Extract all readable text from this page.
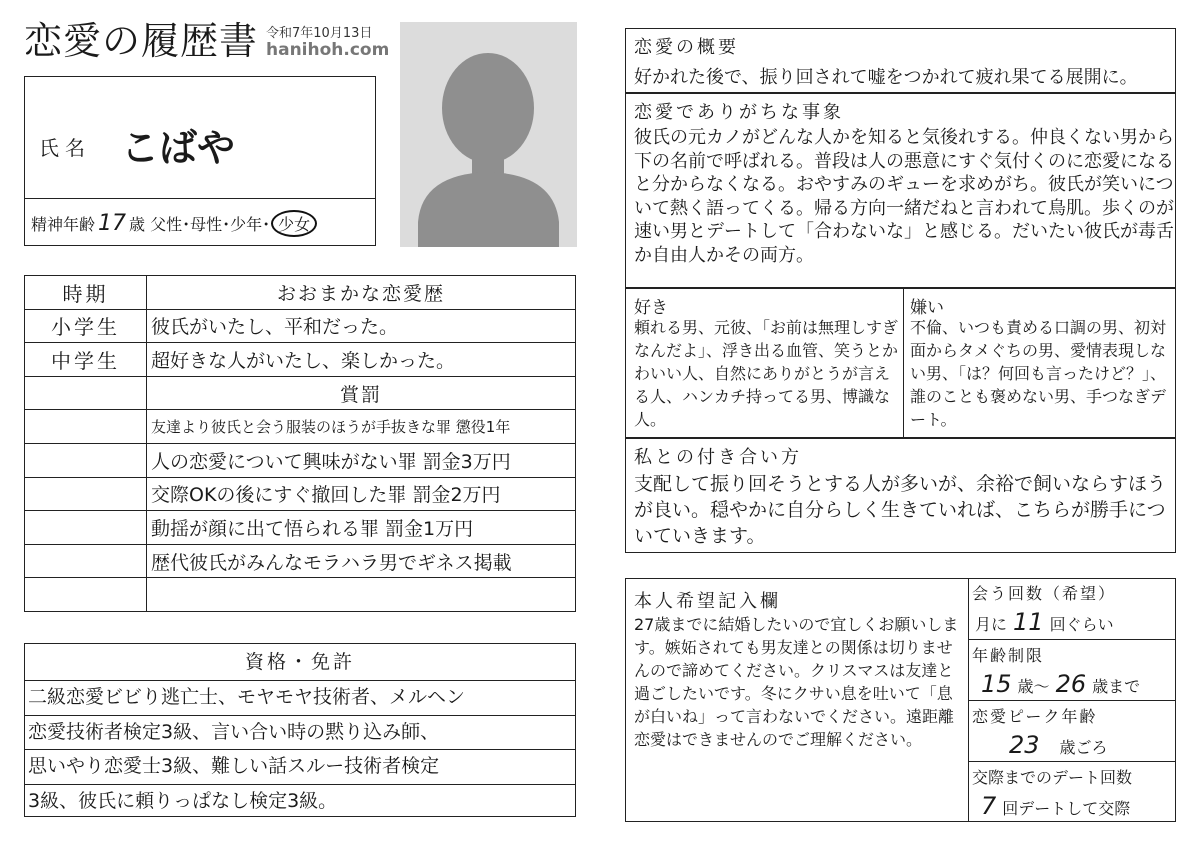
恋愛の履歴書 令和7年10月13日
hanihoh.com
氏名 こばや
精神年齢 17 歳 父性･母性･少年･ 少女
時期	おおまかな恋愛歴
小学生	彼氏がいたし、平和だった。
中学生	超好きな人がいたし、楽しかった。
	賞罰
	友達より彼氏と会う服装のほうが手抜きな罪 懲役1年
	人の恋愛について興味がない罪 罰金3万円
	交際OKの後にすぐ撤回した罪 罰金2万円
	動揺が顔に出て悟られる罪 罰金1万円
	歴代彼氏がみんなモラハラ男でギネス掲載

資格・免許
二級恋愛ビビり逃亡士、モヤモヤ技術者、メルヘン
恋愛技術者検定3級、言い合い時の黙り込み師、
思いやり恋愛士3級、難しい話スルー技術者検定
3級、彼氏に頼りっぱなし検定3級。
恋愛の概要
好かれた後で、振り回されて嘘をつかれて疲れ果てる展開に。
恋愛でありがちな事象
彼氏の元カノがどんな人かを知ると気後れする。仲良くない男から下の名前で呼ばれる。普段は人の悪意にすぐ気付くのに恋愛になると分からなくなる。おやすみのギューを求めがち。彼氏が笑いについて熱く語ってくる。帰る方向一緒だねと言われて鳥肌。歩くのが速い男とデートして「合わないな」と感じる。だいたい彼氏が毒舌か自由人かその両方。
好き
頼れる男、元彼、「お前は無理しすぎなんだよ」、浮き出る血管、笑うとかわいい人、自然にありがとうが言える人、ハンカチ持ってる男、博識な人。
嫌い
不倫、いつも責める口調の男、初対面からタメぐちの男、愛情表現しない男、「は？何回も言ったけど？」、誰のことも褒めない男、手つなぎデート。
私との付き合い方
支配して振り回そうとする人が多いが、余裕で飼いならすほうが良い。穏やかに自分らしく生きていれば、こちらが勝手についていきます。
本人希望記入欄
27歳までに結婚したいので宜しくお願いします。嫉妬されても男友達との関係は切りませんので諦めてください。クリスマスは友達と過ごしたいです。冬にクサい息を吐いて「息が白いね」って言わないでください。遠距離恋愛はできませんのでご理解ください。
会う回数（希望）
月に 11 回ぐらい
年齢制限
15 歳～ 26 歳まで
恋愛ピーク年齢
23 歳ごろ
交際までのデート回数
7 回デートして交際
